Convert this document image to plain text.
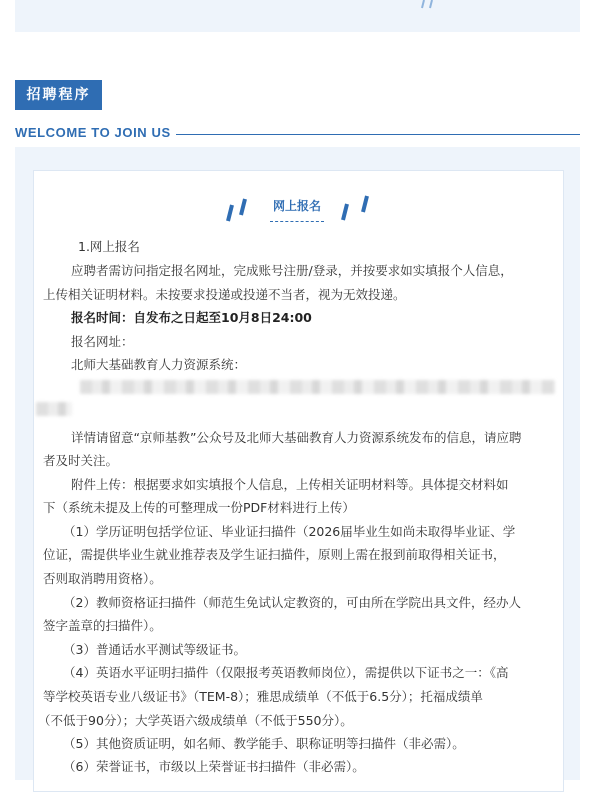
招聘程序
WELCOME TO JOIN US
网上报名
1.网上报名
应聘者需访问指定报名网址，完成账号注册/登录，并按要求如实填报个人信息，
上传相关证明材料。未按要求投递或投递不当者，视为无效投递。
报名时间：自发布之日起至10月8日24:00
报名网址：
北师大基础教育人力资源系统：
详情请留意“京师基教”公众号及北师大基础教育人力资源系统发布的信息，请应聘
者及时关注。
附件上传：根据要求如实填报个人信息，上传相关证明材料等。具体提交材料如
下（系统未提及上传的可整理成一份PDF材料进行上传）
（1）学历证明包括学位证、毕业证扫描件（2026届毕业生如尚未取得毕业证、学
位证，需提供毕业生就业推荐表及学生证扫描件，原则上需在报到前取得相关证书，
否则取消聘用资格）。
（2）教师资格证扫描件（师范生免试认定教资的，可由所在学院出具文件，经办人
签字盖章的扫描件）。
（3）普通话水平测试等级证书。
（4）英语水平证明扫描件（仅限报考英语教师岗位），需提供以下证书之一：《高
等学校英语专业八级证书》（TEM-8）；雅思成绩单（不低于6.5分）；托福成绩单
（不低于90分）；大学英语六级成绩单（不低于550分）。
（5）其他资质证明，如名师、教学能手、职称证明等扫描件（非必需）。
（6）荣誉证书，市级以上荣誉证书扫描件（非必需）。
